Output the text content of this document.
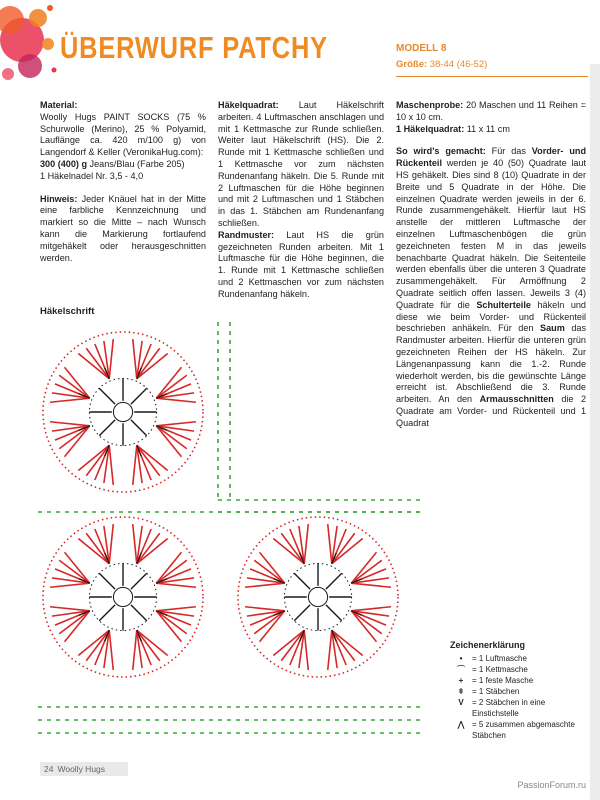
ÜBERWURF PATCHY	MODELL 8
Größe: 38-44 (46-52)

Material:
Woolly Hugs PAINT SOCKS (75 % Schurwolle (Merino), 25 % Polyamid, Lauflänge ca. 420 m/100 g) von Langendorf & Keller (VeronikaHug.com):
300 (400) g Jeans/Blau (Farbe 205)
1 Häkelnadel Nr. 3,5 - 4,0

Hinweis: Jeder Knäuel hat in der Mitte eine farbliche Kennzeichnung und markiert so die Mitte – nach Wunsch kann die Markierung fortlaufend mitgehäkelt oder herausgeschnitten werden.

Häkelquadrat: Laut Häkelschrift arbeiten. 4 Luftmaschen anschlagen und mit 1 Kettmasche zur Runde schließen. Weiter laut Häkelschrift (HS). Die 2. Runde mit 1 Kettmasche schließen und 1 Kettmasche vor zum nächsten Rundenanfang häkeln. Die 5. Runde mit 2 Luftmaschen für die Höhe beginnen und mit 2 Luftmaschen und 1 Stäbchen in das 1. Stäbchen am Rundenanfang schließen.
Randmuster: Laut HS die grün gezeichneten Runden arbeiten. Mit 1 Luftmasche für die Höhe beginnen, die 1. Runde mit 1 Kettmasche schließen und 2 Kettmaschen vor zum nächsten Rundenanfang häkeln.

Maschenprobe: 20 Maschen und 11 Reihen = 10 x 10 cm.
1 Häkelquadrat: 11 x 11 cm

So wird's gemacht: Für das Vorder- und Rückenteil werden je 40 (50) Quadrate laut HS gehäkelt. Dies sind 8 (10) Quadrate in der Breite und 5 Quadrate in der Höhe. Die einzelnen Quadrate werden jeweils in der 6. Runde zusammengehäkelt. Hierfür laut HS anstelle der mittleren Luftmasche der einzelnen Luftmaschenbögen die grün gezeichneten festen M in das jeweils benachbarte Quadrat häkeln. Die Seitenteile werden ebenfalls über die unteren 3 Quadrate zusammengehäkelt. Für Armöffnung 2 Quadrate seitlich offen lassen. Jeweils 3 (4) Quadrate für die Schulterteile häkeln und diese wie beim Vorder- und Rückenteil beschrieben anhäkeln. Für den Saum das Randmuster arbeiten. Hierfür die unteren grün gezeichneten Reihen der HS häkeln. Zur Längenanpassung kann die 1.-2. Runde wiederholt werden, bis die gewünschte Länge erreicht ist. Abschließend die 3. Runde arbeiten. An den Armausschnitten die 2 Quadrate am Vorder- und Rückenteil und 1 Quadrat

Häkelschrift
Zeichenerklärung
•	= 1 Luftmasche
⌒ = 1 Kettmasche
+	= 1 feste Masche
ǂ	= 1 Stäbchen
V	= 2 Stäbchen in eine Einstichstelle
⋀ = 5 zusammen abgemaschte Stäbchen
24 Woolly Hugs
PassionForum.ru
